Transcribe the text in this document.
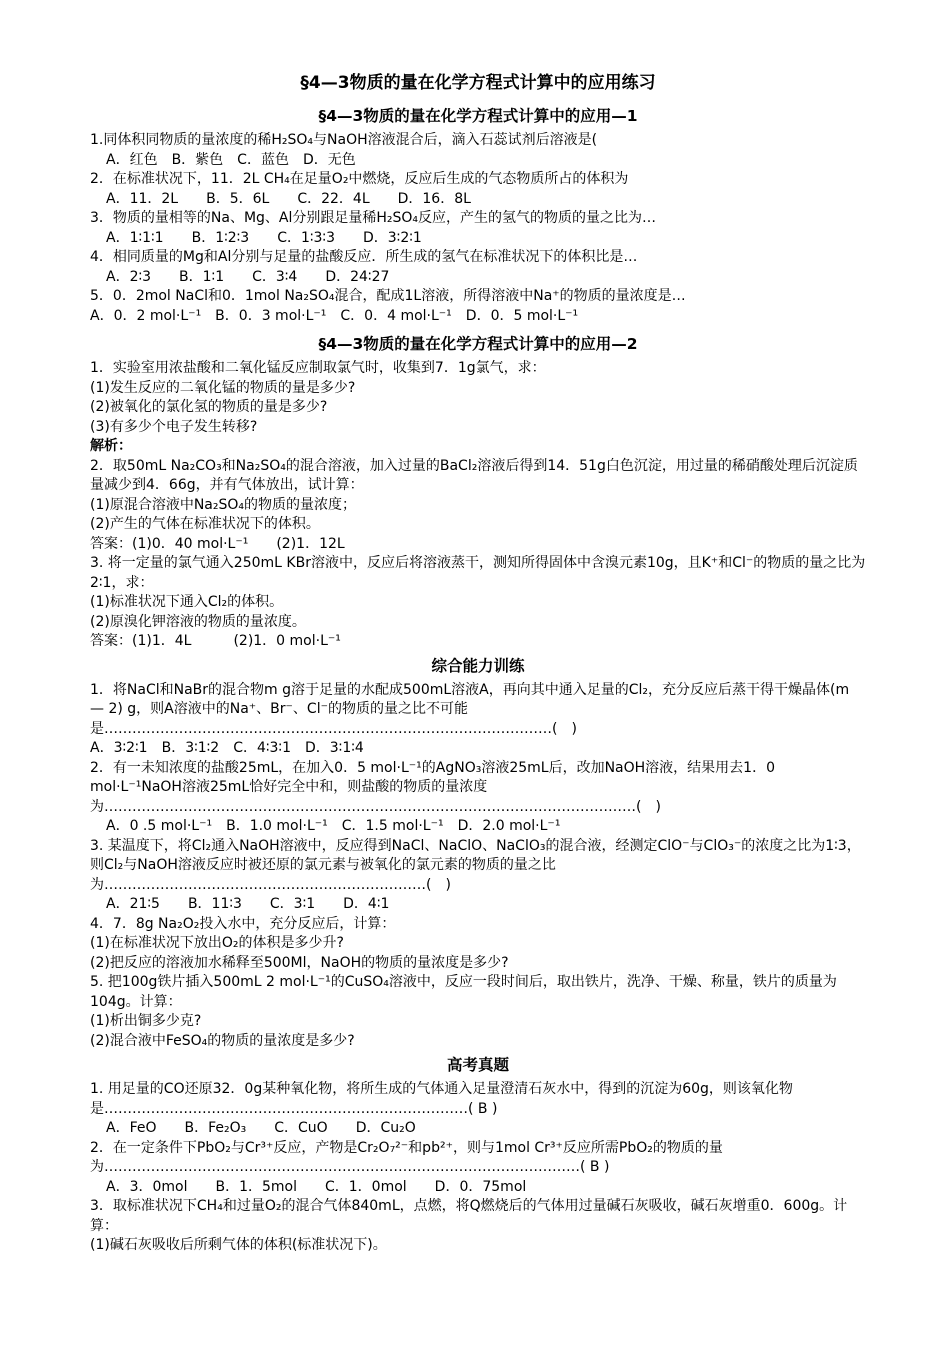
§4—3物质的量在化学方程式计算中的应用练习
§4—3物质的量在化学方程式计算中的应用—1
1.同体积同物质的量浓度的稀H₂SO₄与NaOH溶液混合后，滴入石蕊试剂后溶液是(
A．红色　B．紫色　C．蓝色　D．无色
2．在标准状况下，11．2L CH₄在足量O₂中燃烧，反应后生成的气态物质所占的体积为
A．11．2L　　B．5．6L　　C．22．4L　　D．16．8L
3．物质的量相等的Na、Mg、Al分别跟足量稀H₂SO₄反应，产生的氢气的物质的量之比为…
A．1∶1∶1　　B．1∶2∶3　　C．1∶3∶3　　D．3∶2∶1
4．相同质量的Mg和Al分别与足量的盐酸反应．所生成的氢气在标准状况下的体积比是…
A．2∶3　　B．1∶1　　C．3∶4　　D．24∶27
5．0．2mol NaCl和0．1mol Na₂SO₄混合，配成1L溶液，所得溶液中Na⁺的物质的量浓度是…
A．0．2 mol·L⁻¹　B．0．3 mol·L⁻¹　C．0．4 mol·L⁻¹　D．0．5 mol·L⁻¹
§4—3物质的量在化学方程式计算中的应用—2
1．实验室用浓盐酸和二氧化锰反应制取氯气时，收集到7．1g氯气，求：
(1)发生反应的二氧化锰的物质的量是多少?
(2)被氧化的氯化氢的物质的量是多少?
(3)有多少个电子发生转移?
解析：
2．取50mL Na₂CO₃和Na₂SO₄的混合溶液，加入过量的BaCl₂溶液后得到14．51g白色沉淀，用过量的稀硝酸处理后沉淀质量减少到4．66g，并有气体放出，试计算：
(1)原混合溶液中Na₂SO₄的物质的量浓度；
(2)产生的气体在标准状况下的体积。
答案：(1)0．40 mol·L⁻¹　　(2)1．12L
3. 将一定量的氯气通入250mL KBr溶液中，反应后将溶液蒸干，测知所得固体中含溴元素10g，且K⁺和Cl⁻的物质的量之比为2∶1，求：
(1)标准状况下通入Cl₂的体积。
(2)原溴化钾溶液的物质的量浓度。
答案：(1)1．4L　　　(2)1．0 mol·L⁻¹
综合能力训练
1．将NaCl和NaBr的混合物m g溶于足量的水配成500mL溶液A，再向其中通入足量的Cl₂，充分反应后蒸干得干燥晶体(m — 2) g，则A溶液中的Na⁺、Br⁻、Cl⁻的物质的量之比不可能是……………………………………………………………………………………(　)
A．3∶2∶1　B．3∶1∶2　C．4∶3∶1　D．3∶1∶4
2．有一未知浓度的盐酸25mL，在加入0．5 mol·L⁻¹的AgNO₃溶液25mL后，改加NaOH溶液，结果用去1．0 mol·L⁻¹NaOH溶液25mL恰好完全中和，则盐酸的物质的量浓度为……………………………………………………………………………………………………(　)
A．0 .5 mol·L⁻¹　B．1.0 mol·L⁻¹　C．1.5 mol·L⁻¹　D．2.0 mol·L⁻¹
3. 某温度下，将Cl₂通入NaOH溶液中，反应得到NaCl、NaClO、NaClO₃的混合液，经测定ClO⁻与ClO₃⁻的浓度之比为1∶3，则Cl₂与NaOH溶液反应时被还原的氯元素与被氧化的氯元素的物质的量之比为……………………………………………………………(　)
A．21∶5　　B．11∶3　　C．3∶1　　D．4∶1
4．7．8g Na₂O₂投入水中，充分反应后，计算：
(1)在标准状况下放出O₂的体积是多少升?
(2)把反应的溶液加水稀释至500Ml，NaOH的物质的量浓度是多少?
5. 把100g铁片插入500mL 2 mol·L⁻¹的CuSO₄溶液中，反应一段时间后，取出铁片，洗净、干燥、称量，铁片的质量为104g。计算：
(1)析出铜多少克?
(2)混合液中FeSO₄的物质的量浓度是多少?
高考真题
1. 用足量的CO还原32．0g某种氧化物，将所生成的气体通入足量澄清石灰水中，得到的沉淀为60g，则该氧化物是……………………………………………………………………( B )
A．FeO　　B．Fe₂O₃　　C．CuO　　D．Cu₂O
2．在一定条件下PbO₂与Cr³⁺反应，产物是Cr₂O₇²⁻和pb²⁺，则与1mol Cr³⁺反应所需PbO₂的物质的量为…………………………………………………………………………………………( B )
A．3．0mol　　B．1．5mol　　C．1．0mol　　D．0．75mol
3．取标准状况下CH₄和过量O₂的混合气体840mL，点燃，将Q燃烧后的气体用过量碱石灰吸收，碱石灰增重0．600g。计算：
(1)碱石灰吸收后所剩气体的体积(标准状况下)。
